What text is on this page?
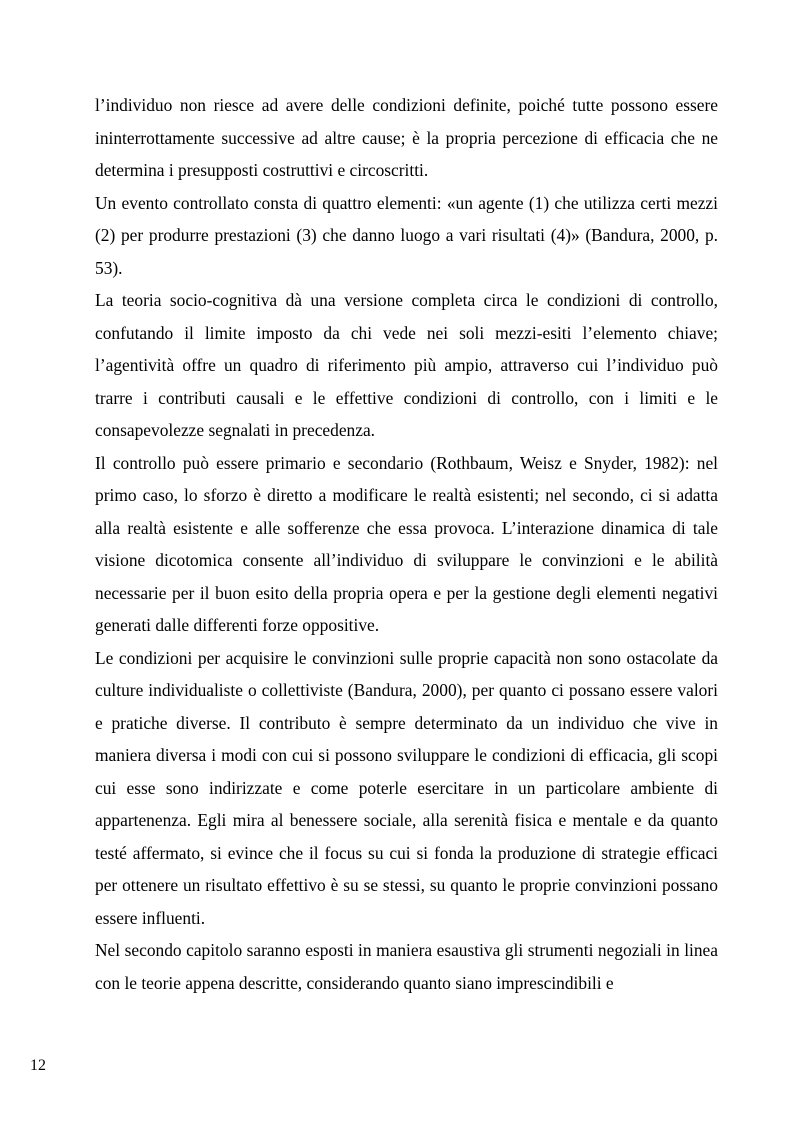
l’individuo non riesce ad avere delle condizioni definite, poiché tutte possono essere ininterrottamente successive ad altre cause; è la propria percezione di efficacia che ne determina i presupposti costruttivi e circoscritti.

Un evento controllato consta di quattro elementi: «un agente (1) che utilizza certi mezzi (2) per produrre prestazioni (3) che danno luogo a vari risultati (4)» (Bandura, 2000, p. 53).

La teoria socio-cognitiva dà una versione completa circa le condizioni di controllo, confutando il limite imposto da chi vede nei soli mezzi-esiti l’elemento chiave; l’agentività offre un quadro di riferimento più ampio, attraverso cui l’individuo può trarre i contributi causali e le effettive condizioni di controllo, con i limiti e le consapevolezze segnalati in precedenza.

Il controllo può essere primario e secondario (Rothbaum, Weisz e Snyder, 1982): nel primo caso, lo sforzo è diretto a modificare le realtà esistenti; nel secondo, ci si adatta alla realtà esistente e alle sofferenze che essa provoca. L’interazione dinamica di tale visione dicotomica consente all’individuo di sviluppare le convinzioni e le abilità necessarie per il buon esito della propria opera e per la gestione degli elementi negativi generati dalle differenti forze oppositive.

Le condizioni per acquisire le convinzioni sulle proprie capacità non sono ostacolate da culture individualiste o collettiviste (Bandura, 2000), per quanto ci possano essere valori e pratiche diverse. Il contributo è sempre determinato da un individuo che vive in maniera diversa i modi con cui si possono sviluppare le condizioni di efficacia, gli scopi cui esse sono indirizzate e come poterle esercitare in un particolare ambiente di appartenenza. Egli mira al benessere sociale, alla serenità fisica e mentale e da quanto testé affermato, si evince che il focus su cui si fonda la produzione di strategie efficaci per ottenere un risultato effettivo è su se stessi, su quanto le proprie convinzioni possano essere influenti.

Nel secondo capitolo saranno esposti in maniera esaustiva gli strumenti negoziali in linea con le teorie appena descritte, considerando quanto siano imprescindibili e

12
